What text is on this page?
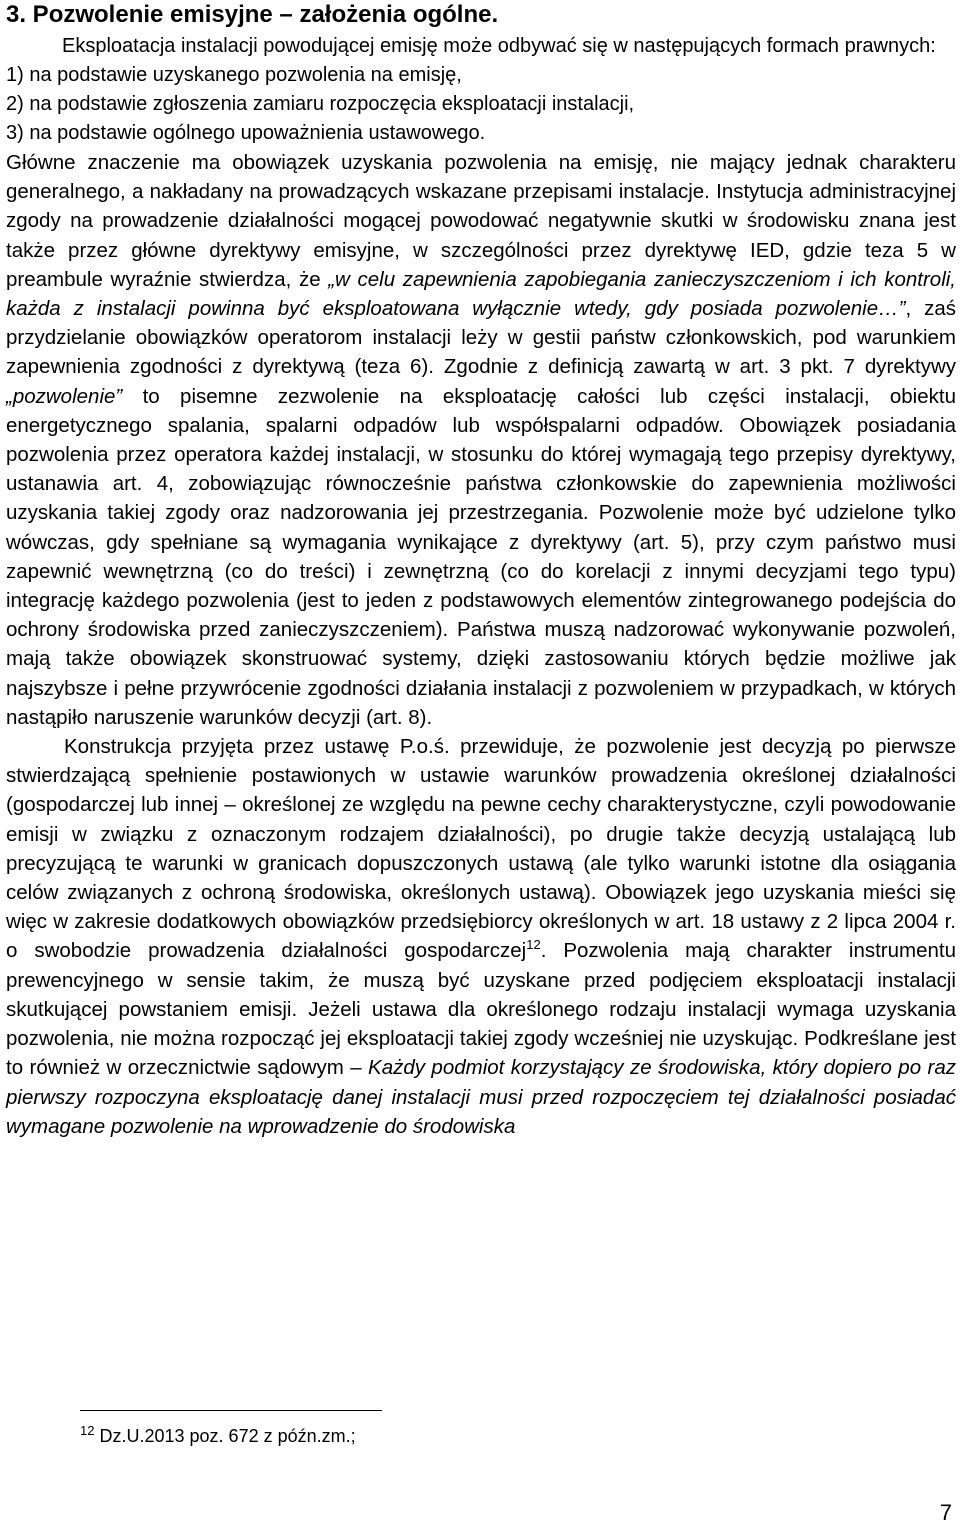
3. Pozwolenie emisyjne – założenia ogólne.

Eksploatacja instalacji powodującej emisję może odbywać się w następujących formach prawnych:

1) na podstawie uzyskanego pozwolenia na emisję,
2) na podstawie zgłoszenia zamiaru rozpoczęcia eksploatacji instalacji,
3) na podstawie ogólnego upoważnienia ustawowego.

Główne znaczenie ma obowiązek uzyskania pozwolenia na emisję, nie mający jednak charakteru generalnego, a nakładany na prowadzących wskazane przepisami instalacje. Instytucja administracyjnej zgody na prowadzenie działalności mogącej powodować negatywnie skutki w środowisku znana jest także przez główne dyrektywy emisyjne, w szczególności przez dyrektywę IED, gdzie teza 5 w preambule wyraźnie stwierdza, że „w celu zapewnienia zapobiegania zanieczyszczeniom i ich kontroli, każda z instalacji powinna być eksploatowana wyłącznie wtedy, gdy posiada pozwolenie…”, zaś przydzielanie obowiązków operatorom instalacji leży w gestii państw członkowskich, pod warunkiem zapewnienia zgodności z dyrektywą (teza 6). Zgodnie z definicją zawartą w art. 3 pkt. 7 dyrektywy „pozwolenie” to pisemne zezwolenie na eksploatację całości lub części instalacji, obiektu energetycznego spalania, spalarni odpadów lub współspalarni odpadów. Obowiązek posiadania pozwolenia przez operatora każdej instalacji, w stosunku do której wymagają tego przepisy dyrektywy, ustanawia art. 4, zobowiązując równocześnie państwa członkowskie do zapewnienia możliwości uzyskania takiej zgody oraz nadzorowania jej przestrzegania. Pozwolenie może być udzielone tylko wówczas, gdy spełniane są wymagania wynikające z dyrektywy (art. 5), przy czym państwo musi zapewnić wewnętrzną (co do treści) i zewnętrzną (co do korelacji z innymi decyzjami tego typu) integrację każdego pozwolenia (jest to jeden z podstawowych elementów zintegrowanego podejścia do ochrony środowiska przed zanieczyszczeniem). Państwa muszą nadzorować wykonywanie pozwoleń, mają także obowiązek skonstruować systemy, dzięki zastosowaniu których będzie możliwe jak najszybsze i pełne przywrócenie zgodności działania instalacji z pozwoleniem w przypadkach, w których nastąpiło naruszenie warunków decyzji (art. 8).

Konstrukcja przyjęta przez ustawę P.o.ś. przewiduje, że pozwolenie jest decyzją po pierwsze stwierdzającą spełnienie postawionych w ustawie warunków prowadzenia określonej działalności (gospodarczej lub innej – określonej ze względu na pewne cechy charakterystyczne, czyli powodowanie emisji w związku z oznaczonym rodzajem działalności), po drugie także decyzją ustalającą lub precyzującą te warunki w granicach dopuszczonych ustawą (ale tylko warunki istotne dla osiągania celów związanych z ochroną środowiska, określonych ustawą). Obowiązek jego uzyskania mieści się więc w zakresie dodatkowych obowiązków przedsiębiorcy określonych w art. 18 ustawy z 2 lipca 2004 r. o swobodzie prowadzenia działalności gospodarczej$^{12}$. Pozwolenia mają charakter instrumentu prewencyjnego w sensie takim, że muszą być uzyskane przed podjęciem eksploatacji instalacji skutkującej powstaniem emisji. Jeżeli ustawa dla określonego rodzaju instalacji wymaga uzyskania pozwolenia, nie można rozpocząć jej eksploatacji takiej zgody wcześniej nie uzyskując. Podkreślane jest to również w orzecznictwie sądowym – Każdy podmiot korzystający ze środowiska, który dopiero po raz pierwszy rozpoczyna eksploatację danej instalacji musi przed rozpoczęciem tej działalności posiadać wymagane pozwolenie na wprowadzenie do środowiska

$^{12}$ Dz.U.2013 poz. 672 z późn.zm.;
7
